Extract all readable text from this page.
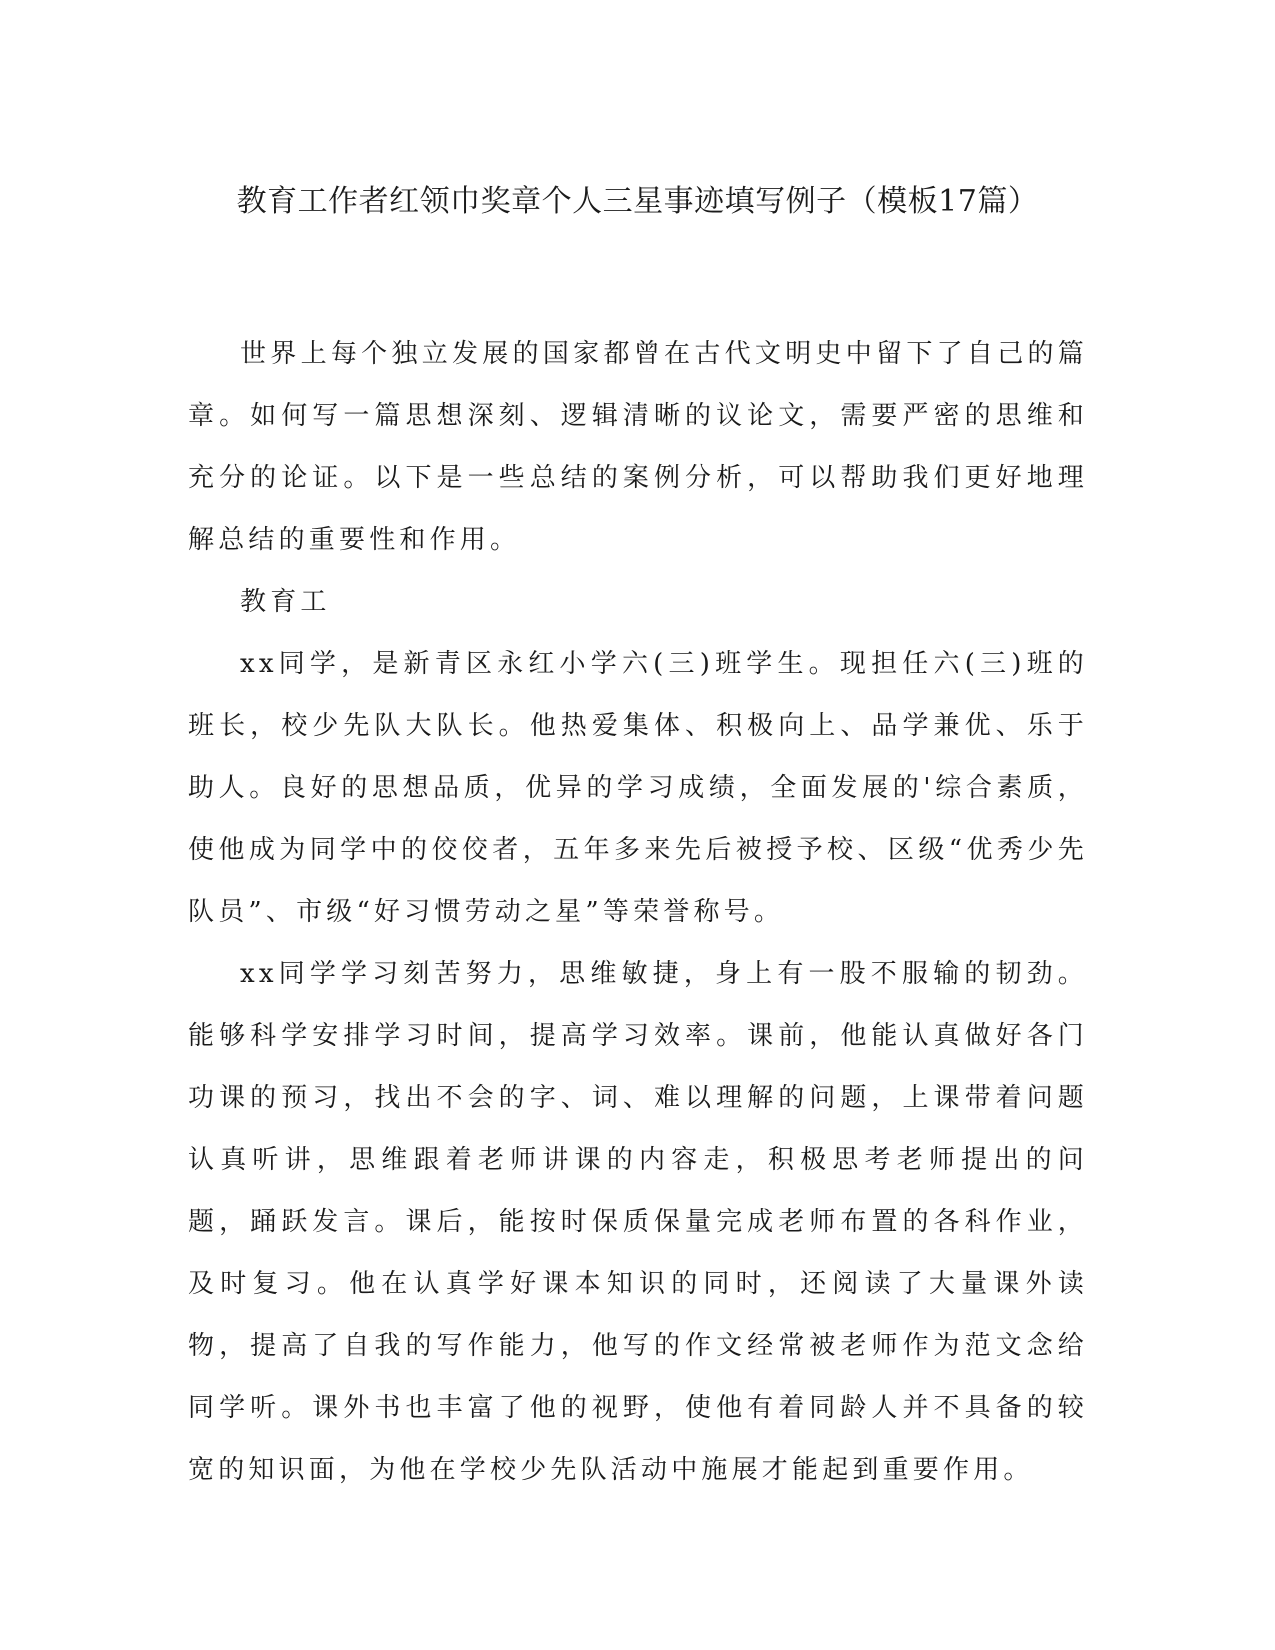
教育工作者红领巾奖章个人三星事迹填写例子（模板17篇）

世界上每个独立发展的国家都曾在古代文明史中留下了自己的篇章。如何写一篇思想深刻、逻辑清晰的议论文，需要严密的思维和充分的论证。以下是一些总结的案例分析，可以帮助我们更好地理解总结的重要性和作用。

教育工

xx同学，是新青区永红小学六(三)班学生。现担任六(三)班的班长，校少先队大队长。他热爱集体、积极向上、品学兼优、乐于助人。良好的思想品质，优异的学习成绩，全面发展的'综合素质，使他成为同学中的佼佼者，五年多来先后被授予校、区级“优秀少先队员”、市级“好习惯劳动之星”等荣誉称号。

xx同学学习刻苦努力，思维敏捷，身上有一股不服输的韧劲。能够科学安排学习时间，提高学习效率。课前，他能认真做好各门功课的预习，找出不会的字、词、难以理解的问题，上课带着问题认真听讲，思维跟着老师讲课的内容走，积极思考老师提出的问题，踊跃发言。课后，能按时保质保量完成老师布置的各科作业，及时复习。他在认真学好课本知识的同时，还阅读了大量课外读物，提高了自我的写作能力，他写的作文经常被老师作为范文念给同学听。课外书也丰富了他的视野，使他有着同龄人并不具备的较宽的知识面，为他在学校少先队活动中施展才能起到重要作用。
